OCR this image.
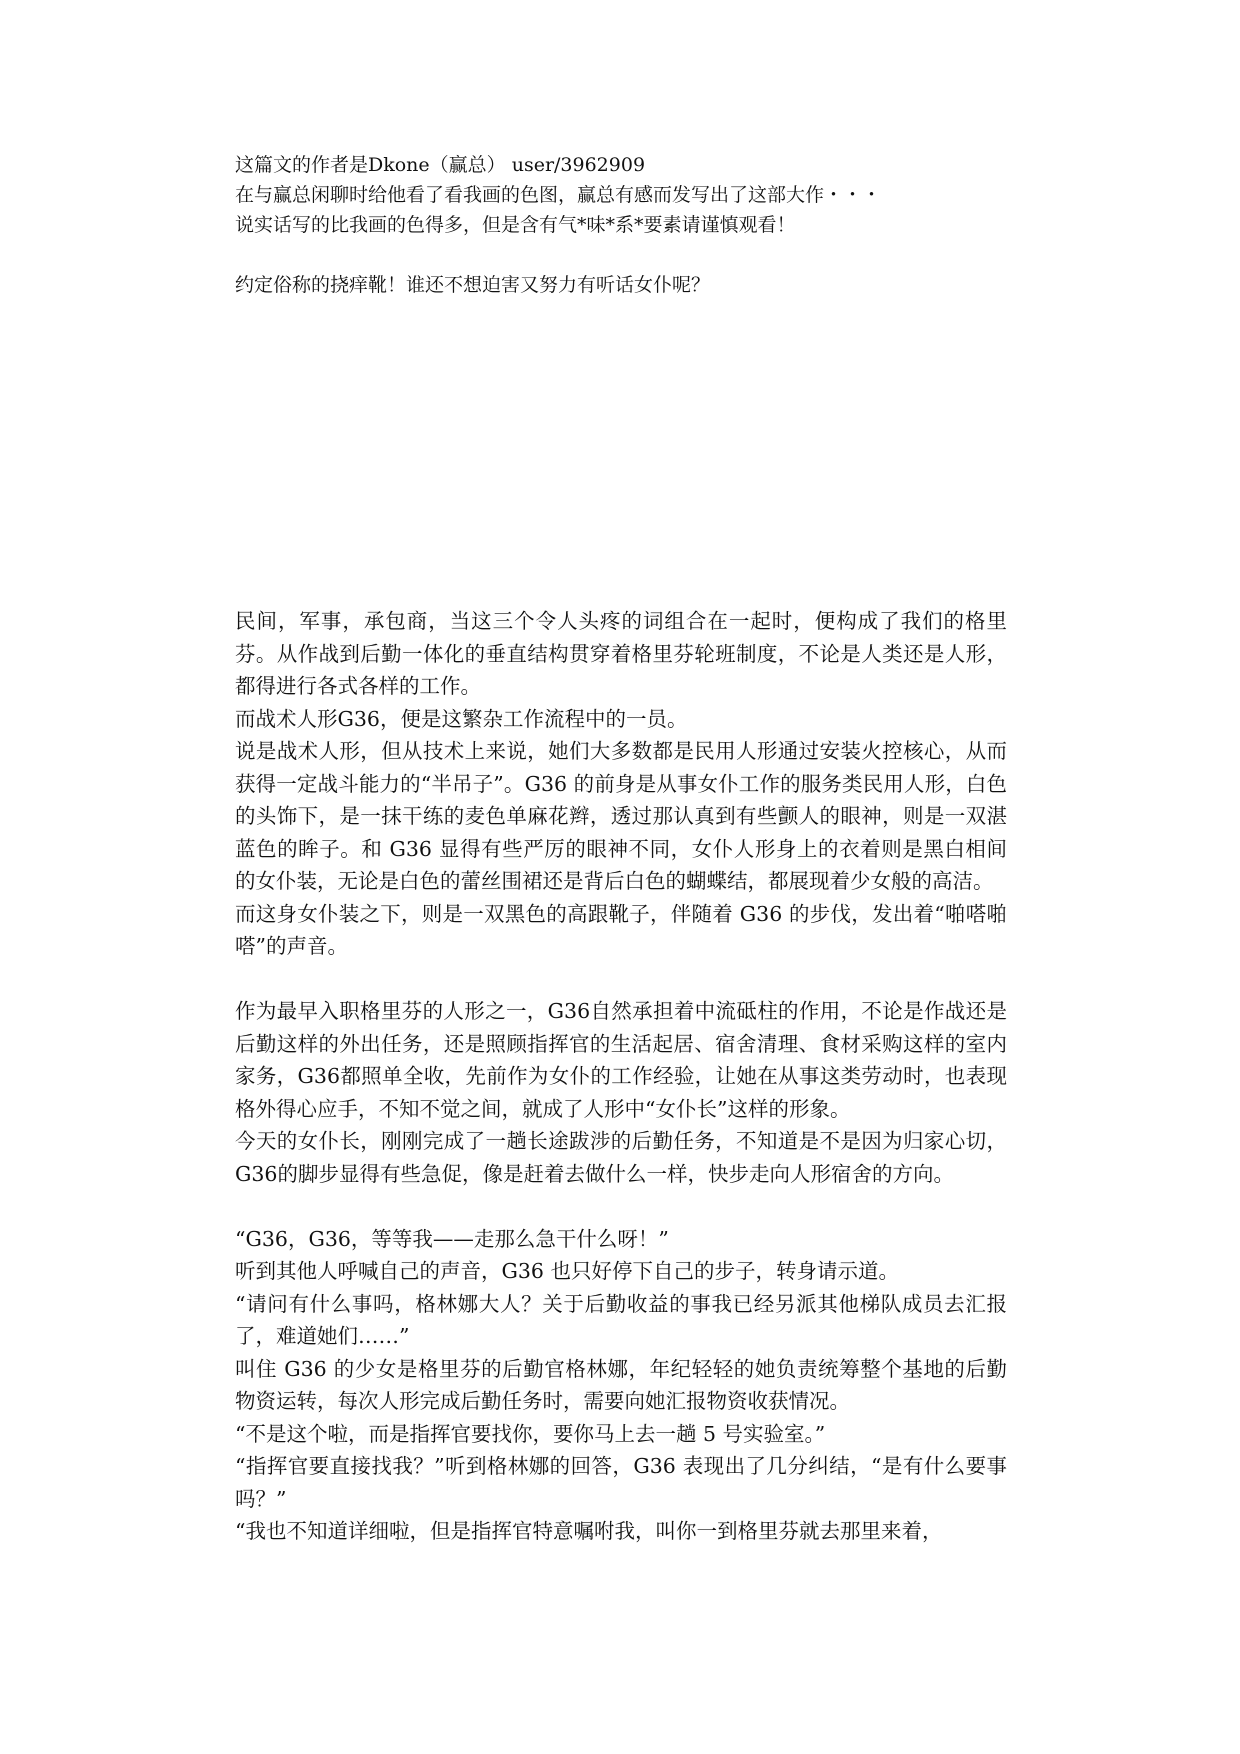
这篇文的作者是Dkone（赢总） user/3962909
在与赢总闲聊时给他看了看我画的色图，赢总有感而发写出了这部大作・・・
说实话写的比我画的色得多，但是含有气*味*系*要素请谨慎观看！
约定俗称的挠痒靴！谁还不想迫害又努力有听话女仆呢？

民间，军事，承包商，当这三个令人头疼的词组合在一起时，便构成了我们的格里芬。从作战到后勤一体化的垂直结构贯穿着格里芬轮班制度，不论是人类还是人形，都得进行各式各样的工作。

而战术人形G36，便是这繁杂工作流程中的一员。

说是战术人形，但从技术上来说，她们大多数都是民用人形通过安装火控核心，从而获得一定战斗能力的“半吊子”。G36 的前身是从事女仆工作的服务类民用人形，白色的头饰下，是一抹干练的麦色单麻花辫，透过那认真到有些颤人的眼神，则是一双湛蓝色的眸子。和 G36 显得有些严厉的眼神不同，女仆人形身上的衣着则是黑白相间的女仆装，无论是白色的蕾丝围裙还是背后白色的蝴蝶结，都展现着少女般的高洁。

而这身女仆装之下，则是一双黑色的高跟靴子，伴随着 G36 的步伐，发出着“啪嗒啪嗒”的声音。

作为最早入职格里芬的人形之一，G36自然承担着中流砥柱的作用，不论是作战还是后勤这样的外出任务，还是照顾指挥官的生活起居、宿舍清理、食材采购这样的室内家务，G36都照单全收，先前作为女仆的工作经验，让她在从事这类劳动时，也表现格外得心应手，不知不觉之间，就成了人形中“女仆长”这样的形象。

今天的女仆长，刚刚完成了一趟长途跋涉的后勤任务，不知道是不是因为归家心切，G36的脚步显得有些急促，像是赶着去做什么一样，快步走向人形宿舍的方向。

“G36，G36，等等我——走那么急干什么呀！”

听到其他人呼喊自己的声音，G36 也只好停下自己的步子，转身请示道。

“请问有什么事吗，格林娜大人？关于后勤收益的事我已经另派其他梯队成员去汇报了，难道她们……”

叫住 G36 的少女是格里芬的后勤官格林娜，年纪轻轻的她负责统筹整个基地的后勤物资运转，每次人形完成后勤任务时，需要向她汇报物资收获情况。

“不是这个啦，而是指挥官要找你，要你马上去一趟 5 号实验室。”

“指挥官要直接找我？”听到格林娜的回答，G36 表现出了几分纠结，“是有什么要事吗？”

“我也不知道详细啦，但是指挥官特意嘱咐我，叫你一到格里芬就去那里来着，
